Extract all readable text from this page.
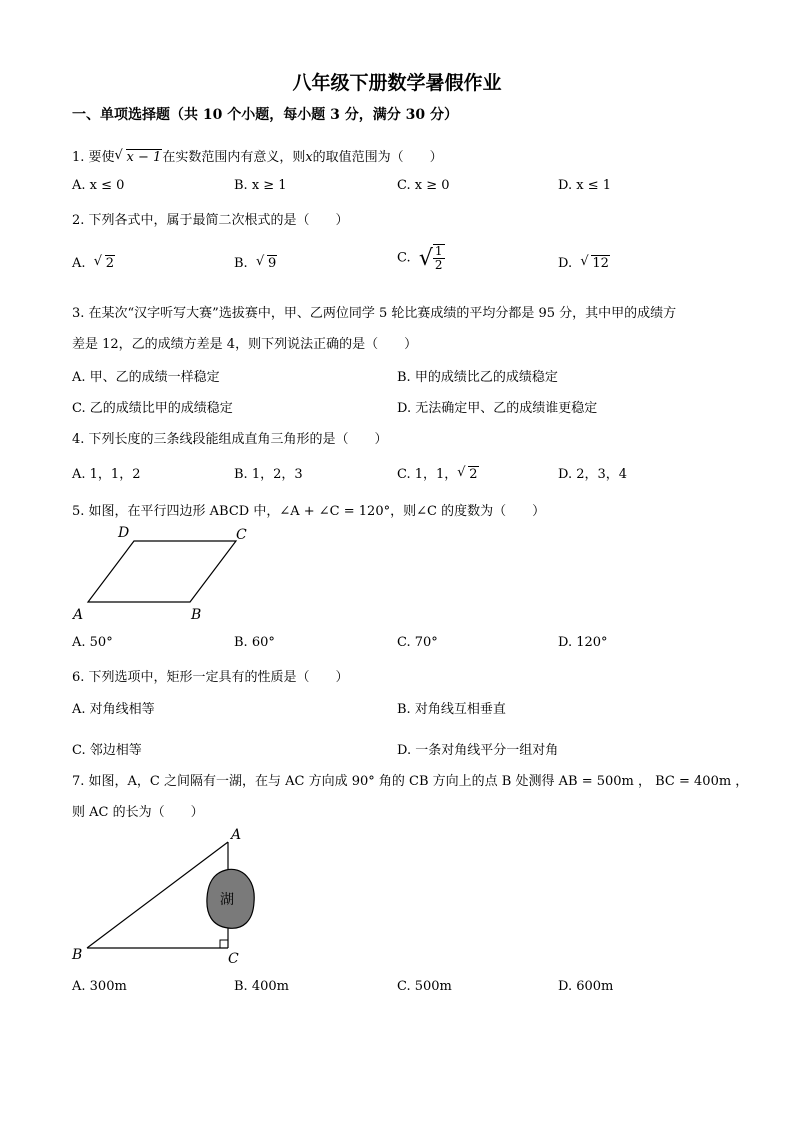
八年级下册数学暑假作业
一、单项选择题（共 10 个小题，每小题 3 分，满分 30 分）
1. 要使 √ x − 1在实数范围内有意义，则x的取值范围为（　　）
A. x ≤ 0	B. x ≥ 1	C. x ≥ 0	D. x ≤ 1
2. 下列各式中，属于最简二次根式的是（　　）
A. √ 2	B. √ 9	C. √ $\frac{1}{2}$	D. √ 12
3. 在某次“汉字听写大赛”选拔赛中，甲、乙两位同学 5 轮比赛成绩的平均分都是 95 分，其中甲的成绩方
差是 12，乙的成绩方差是 4，则下列说法正确的是（　　）
A. 甲、乙的成绩一样稳定	B. 甲的成绩比乙的成绩稳定
C. 乙的成绩比甲的成绩稳定	D. 无法确定甲、乙的成绩谁更稳定
4. 下列长度的三条线段能组成直角三角形的是（　　）
A. 1，1，2	B. 1，2，3	C. 1，1， √ 2	D. 2，3，4
5. 如图，在平行四边形 ABCD 中，∠A + ∠C = 120°，则∠C 的度数为（　　）
A	B
C
D
A. 50°	B. 60°	C. 70°	D. 120°
6. 下列选项中，矩形一定具有的性质是（　　）
A. 对角线相等	B. 对角线互相垂直
C. 邻边相等	D. 一条对角线平分一组对角
7. 如图，A，C 之间隔有一湖，在与 AC 方向成 90° 角的 CB 方向上的点 B 处测得 AB = 500m ， BC = 400m ，
则 AC 的长为（　　）
湖
A
B	C
A. 300m	B. 400m	C. 500m	D. 600m
